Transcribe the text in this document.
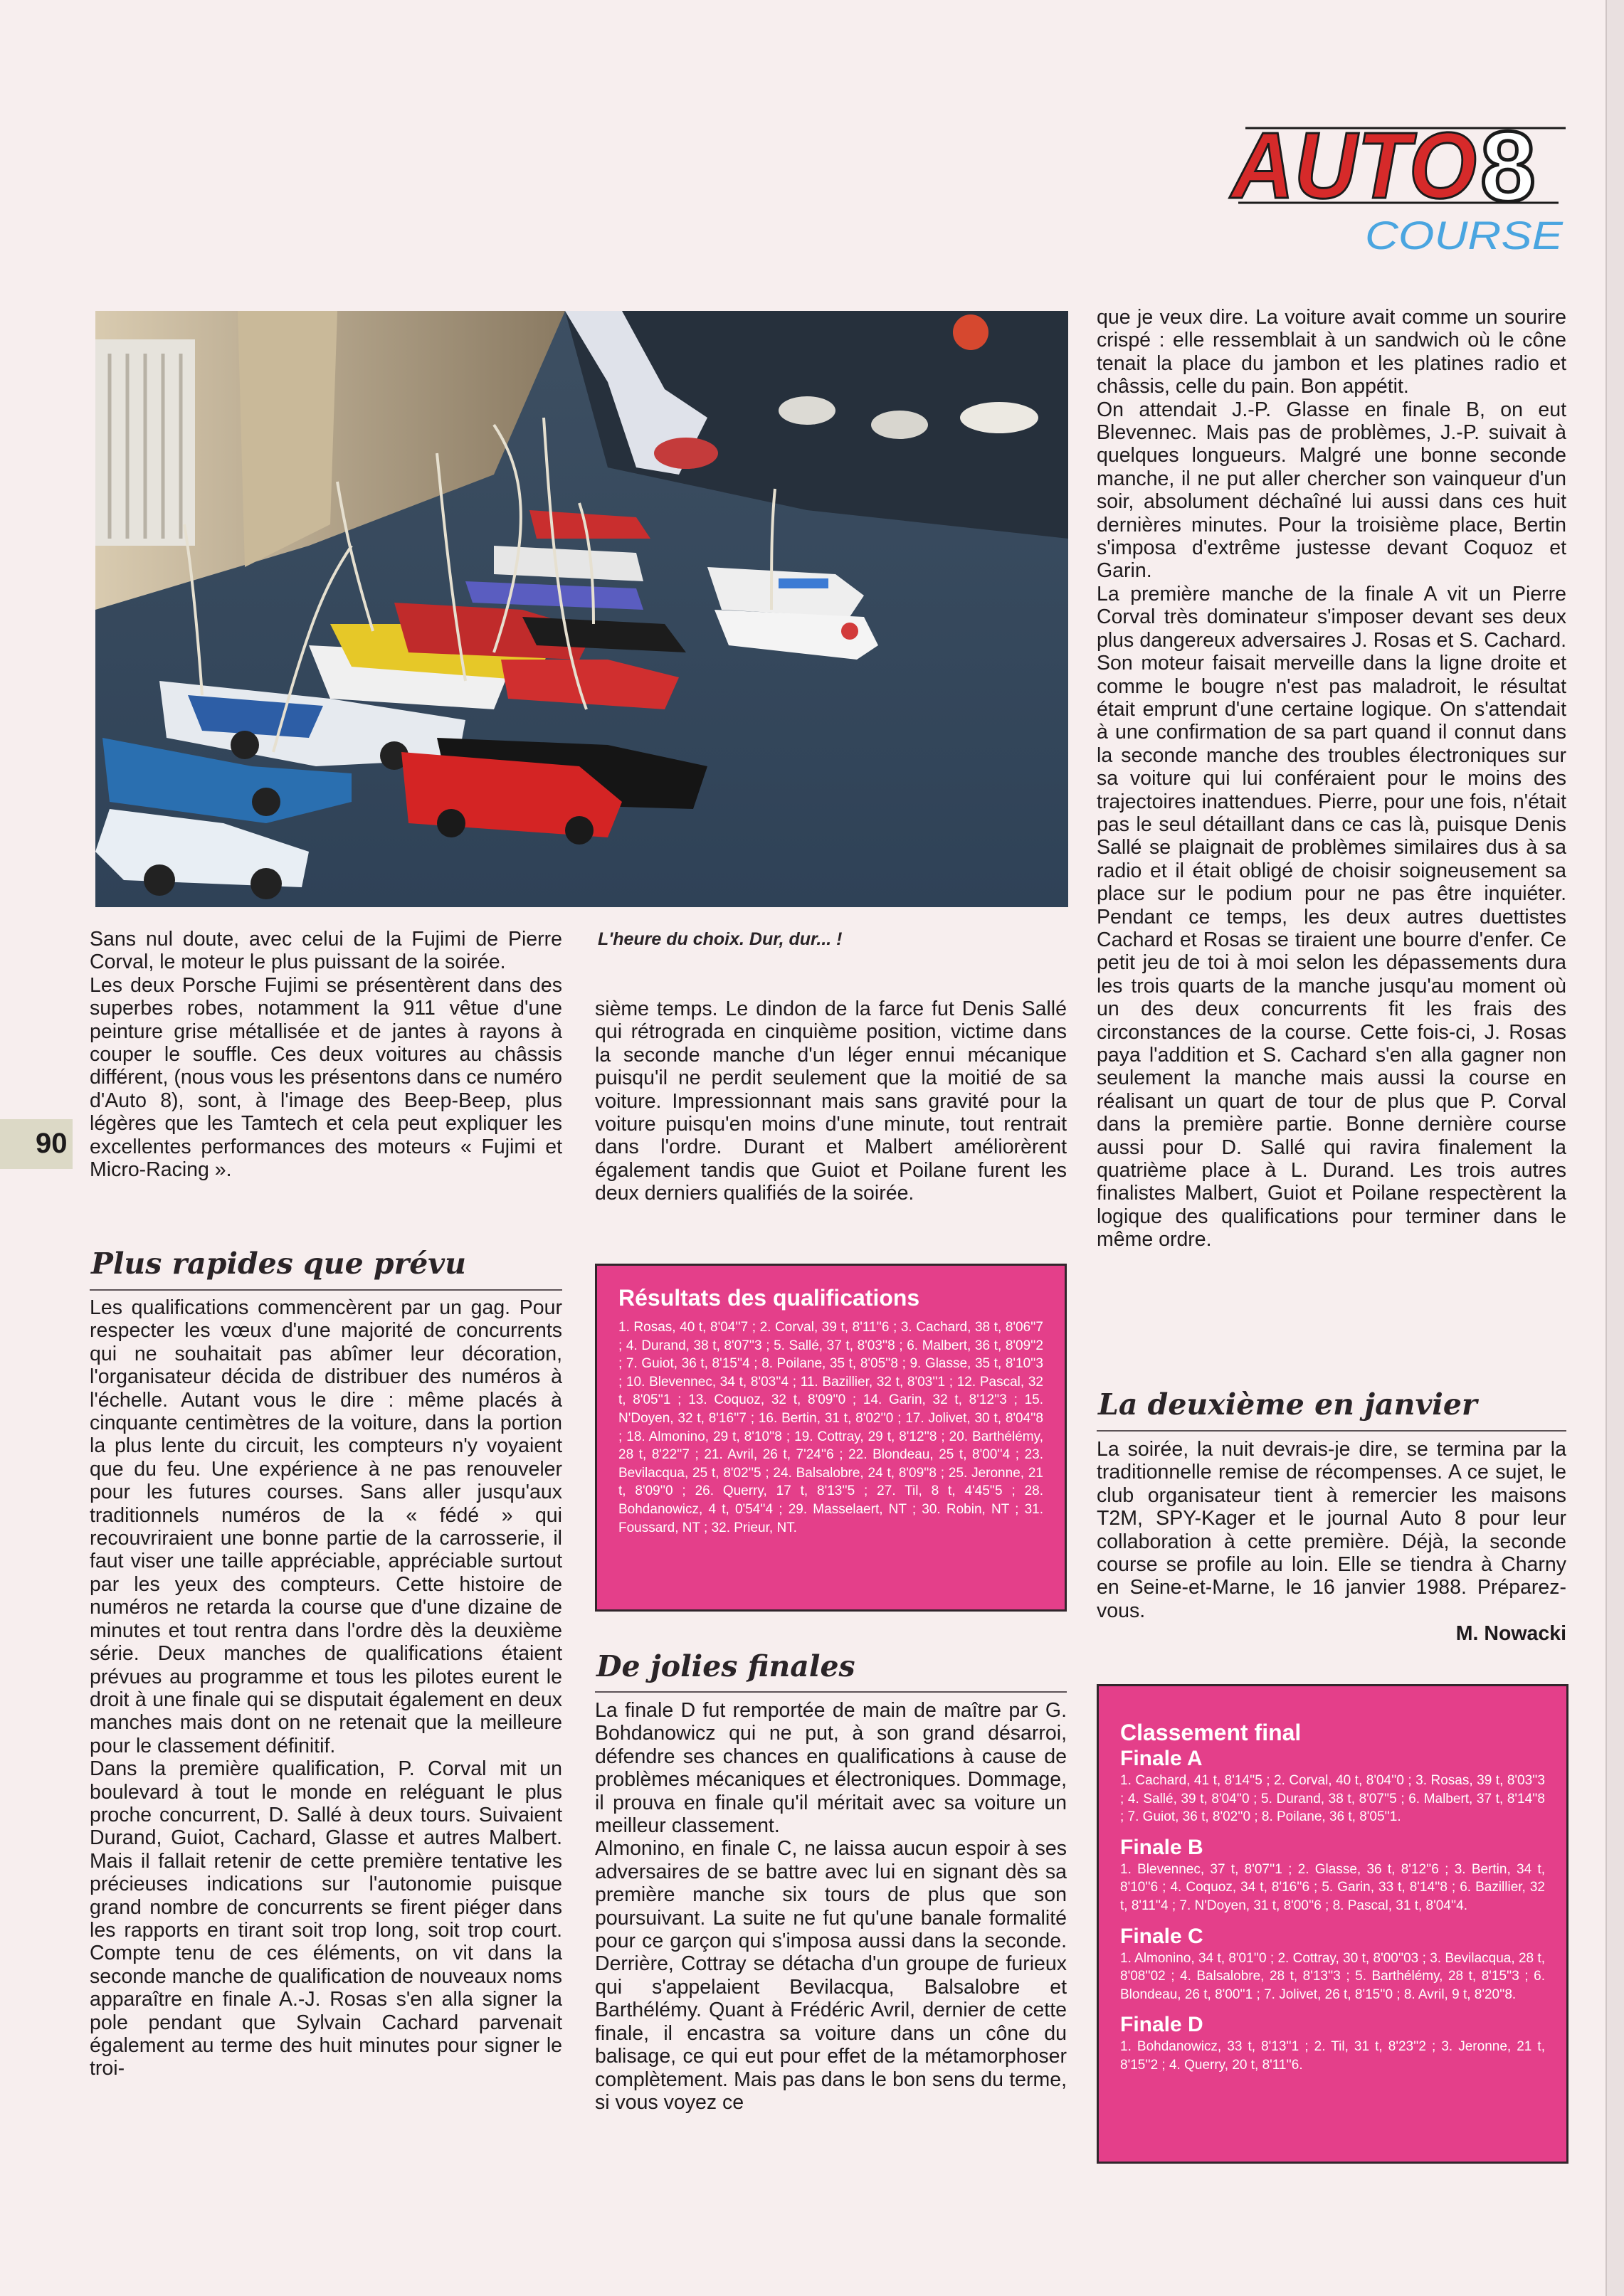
AUTO 8
COURSE

Sans nul doute, avec celui de la Fujimi de Pierre Corval, le moteur le plus puissant de la soirée.

Les deux Porsche Fujimi se présentèrent dans des superbes robes, notamment la 911 vêtue d'une peinture grise métallisée et de jantes à rayons à couper le souffle. Ces deux voitures au châssis différent, (nous vous les présentons dans ce numéro d'Auto 8), sont, à l'image des Beep-Beep, plus légères que les Tamtech et cela peut expliquer les excellentes performances des moteurs « Fujimi et Micro-Racing ».

Plus rapides que prévu

Les qualifications commencèrent par un gag. Pour respecter les vœux d'une majorité de concurrents qui ne souhaitait pas abîmer leur décoration, l'organisateur décida de distribuer des numéros à l'échelle. Autant vous le dire : même placés à cinquante centimètres de la voiture, dans la portion la plus lente du circuit, les compteurs n'y voyaient que du feu. Une expérience à ne pas renouveler pour les futures courses. Sans aller jusqu'aux traditionnels numéros de la « fédé » qui recouvriraient une bonne partie de la carrosserie, il faut viser une taille appréciable, appréciable surtout par les yeux des compteurs. Cette histoire de numéros ne retarda la course que d'une dizaine de minutes et tout rentra dans l'ordre dès la deuxième série. Deux manches de qualifications étaient prévues au programme et tous les pilotes eurent le droit à une finale qui se disputait également en deux manches mais dont on ne retenait que la meilleure pour le classement définitif.

Dans la première qualification, P. Corval mit un boulevard à tout le monde en reléguant le plus proche concurrent, D. Sallé à deux tours. Suivaient Durand, Guiot, Cachard, Glasse et autres Malbert. Mais il fallait retenir de cette première tentative les précieuses indications sur l'autonomie puisque grand nombre de concurrents se firent piéger dans les rapports en tirant soit trop long, soit trop court. Compte tenu de ces éléments, on vit dans la seconde manche de qualification de nouveaux noms apparaître en finale A.-J. Rosas s'en alla signer la pole pendant que Sylvain Cachard parvenait également au terme des huit minutes pour signer le troi-

90
L'heure du choix. Dur, dur... !

sième temps. Le dindon de la farce fut Denis Sallé qui rétrograda en cinquième position, victime dans la seconde manche d'un léger ennui mécanique puisqu'il ne perdit seulement que la moitié de sa voiture. Impressionnant mais sans gravité pour la voiture puisqu'en moins d'une minute, tout rentrait dans l'ordre. Durant et Malbert améliorèrent également tandis que Guiot et Poilane furent les deux derniers qualifiés de la soirée.

Résultats des qualifications
1. Rosas, 40 t, 8'04''7 ; 2. Corval, 39 t, 8'11''6 ; 3. Cachard, 38 t, 8'06''7 ; 4. Durand, 38 t, 8'07''3 ; 5. Sallé, 37 t, 8'03''8 ; 6. Malbert, 36 t, 8'09''2 ; 7. Guiot, 36 t, 8'15''4 ; 8. Poilane, 35 t, 8'05''8 ; 9. Glasse, 35 t, 8'10''3 ; 10. Blevennec, 34 t, 8'03''4 ; 11. Bazillier, 32 t, 8'03''1 ; 12. Pascal, 32 t, 8'05''1 ; 13. Coquoz, 32 t, 8'09''0 ; 14. Garin, 32 t, 8'12''3 ; 15. N'Doyen, 32 t, 8'16''7 ; 16. Bertin, 31 t, 8'02''0 ; 17. Jolivet, 30 t, 8'04''8 ; 18. Almonino, 29 t, 8'10''8 ; 19. Cottray, 29 t, 8'12''8 ; 20. Barthélémy, 28 t, 8'22''7 ; 21. Avril, 26 t, 7'24''6 ; 22. Blondeau, 25 t, 8'00''4 ; 23. Bevilacqua, 25 t, 8'02''5 ; 24. Balsalobre, 24 t, 8'09''8 ; 25. Jeronne, 21 t, 8'09''0 ; 26. Querry, 17 t, 8'13''5 ; 27. Til, 8 t, 4'45''5 ; 28. Bohdanowicz, 4 t, 0'54''4 ; 29. Masselaert, NT ; 30. Robin, NT ; 31. Foussard, NT ; 32. Prieur, NT.
De jolies finales

La finale D fut remportée de main de maître par G. Bohdanowicz qui ne put, à son grand désarroi, défendre ses chances en qualifications à cause de problèmes mécaniques et électroniques. Dommage, il prouva en finale qu'il méritait avec sa voiture un meilleur classement.

Almonino, en finale C, ne laissa aucun espoir à ses adversaires de se battre avec lui en signant dès sa première manche six tours de plus que son poursuivant. La suite ne fut qu'une banale formalité pour ce garçon qui s'imposa aussi dans la seconde. Derrière, Cottray se détacha d'un groupe de furieux qui s'appelaient Bevilacqua, Balsalobre et Barthélémy. Quant à Frédéric Avril, dernier de cette finale, il encastra sa voiture dans un cône du balisage, ce qui eut pour effet de la métamorphoser complètement. Mais pas dans le bon sens du terme, si vous voyez ce

que je veux dire. La voiture avait comme un sourire crispé : elle ressemblait à un sandwich où le cône tenait la place du jambon et les platines radio et châssis, celle du pain. Bon appétit.

On attendait J.-P. Glasse en finale B, on eut Blevennec. Mais pas de problèmes, J.-P. suivait à quelques longueurs. Malgré une bonne seconde manche, il ne put aller chercher son vainqueur d'un soir, absolument déchaîné lui aussi dans ces huit dernières minutes. Pour la troisième place, Bertin s'imposa d'extrême justesse devant Coquoz et Garin.

La première manche de la finale A vit un Pierre Corval très dominateur s'imposer devant ses deux plus dangereux adversaires J. Rosas et S. Cachard. Son moteur faisait merveille dans la ligne droite et comme le bougre n'est pas maladroit, le résultat était emprunt d'une certaine logique. On s'attendait à une confirmation de sa part quand il connut dans la seconde manche des troubles électroniques sur sa voiture qui lui conféraient pour le moins des trajectoires inattendues. Pierre, pour une fois, n'était pas le seul détaillant dans ce cas là, puisque Denis Sallé se plaignait de problèmes similaires dus à sa radio et il était obligé de choisir soigneusement sa place sur le podium pour ne pas être inquiéter. Pendant ce temps, les deux autres duettistes Cachard et Rosas se tiraient une bourre d'enfer. Ce petit jeu de toi à moi selon les dépassements dura les trois quarts de la manche jusqu'au moment où un des deux concurrents fit les frais des circonstances de la course. Cette fois-ci, J. Rosas paya l'addition et S. Cachard s'en alla gagner non seulement la manche mais aussi la course en réalisant un quart de tour de plus que P. Corval dans la première partie. Bonne dernière course aussi pour D. Sallé qui ravira finalement la quatrième place à L. Durand. Les trois autres finalistes Malbert, Guiot et Poilane respectèrent la logique des qualifications pour terminer dans le même ordre.

La deuxième en janvier

La soirée, la nuit devrais-je dire, se termina par la traditionnelle remise de récompenses. A ce sujet, le club organisateur tient à remercier les maisons T2M, SPY-Kager et le journal Auto 8 pour leur collaboration à cette première. Déjà, la seconde course se profile au loin. Elle se tiendra à Charny en Seine-et-Marne, le 16 janvier 1988. Préparez-vous.

M. Nowacki

Classement final
Finale A
1. Cachard, 41 t, 8'14''5 ; 2. Corval, 40 t, 8'04''0 ; 3. Rosas, 39 t, 8'03''3 ; 4. Sallé, 39 t, 8'04''0 ; 5. Durand, 38 t, 8'07''5 ; 6. Malbert, 37 t, 8'14''8 ; 7. Guiot, 36 t, 8'02''0 ; 8. Poilane, 36 t, 8'05''1.
Finale B
1. Blevennec, 37 t, 8'07''1 ; 2. Glasse, 36 t, 8'12''6 ; 3. Bertin, 34 t, 8'10''6 ; 4. Coquoz, 34 t, 8'16''6 ; 5. Garin, 33 t, 8'14''8 ; 6. Bazillier, 32 t, 8'11''4 ; 7. N'Doyen, 31 t, 8'00''6 ; 8. Pascal, 31 t, 8'04''4.
Finale C
1. Almonino, 34 t, 8'01''0 ; 2. Cottray, 30 t, 8'00''03 ; 3. Bevilacqua, 28 t, 8'08''02 ; 4. Balsalobre, 28 t, 8'13''3 ; 5. Barthélémy, 28 t, 8'15''3 ; 6. Blondeau, 26 t, 8'00''1 ; 7. Jolivet, 26 t, 8'15''0 ; 8. Avril, 9 t, 8'20''8.
Finale D
1. Bohdanowicz, 33 t, 8'13''1 ; 2. Til, 31 t, 8'23''2 ; 3. Jeronne, 21 t, 8'15''2 ; 4. Querry, 20 t, 8'11''6.
